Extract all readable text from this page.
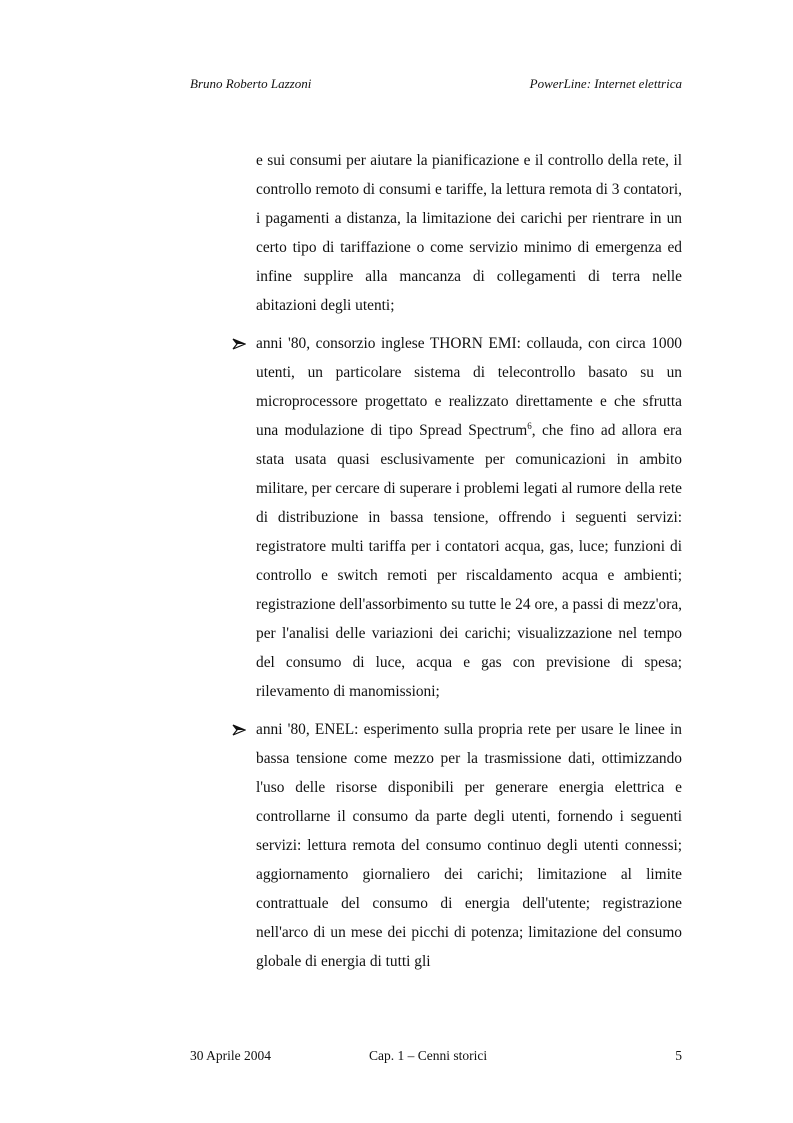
Bruno Roberto Lazzoni	PowerLine: Internet elettrica

e sui consumi per aiutare la pianificazione e il controllo della rete, il controllo remoto di consumi e tariffe, la lettura remota di 3 contatori, i pagamenti a distanza, la limitazione dei carichi per rientrare in un certo tipo di tariffazione o come servizio minimo di emergenza ed infine supplire alla mancanza di collegamenti di terra nelle abitazioni degli utenti;

anni '80, consorzio inglese THORN EMI: collauda, con circa 1000 utenti, un particolare sistema di telecontrollo basato su un microprocessore progettato e realizzato direttamente e che sfrutta una modulazione di tipo Spread Spectrum$^6$, che fino ad allora era stata usata quasi esclusivamente per comunicazioni in ambito militare, per cercare di superare i problemi legati al rumore della rete di distribuzione in bassa tensione, offrendo i seguenti servizi: registratore multi tariffa per i contatori acqua, gas, luce; funzioni di controllo e switch remoti per riscaldamento acqua e ambienti; registrazione dell'assorbimento su tutte le 24 ore, a passi di mezz'ora, per l'analisi delle variazioni dei carichi; visualizzazione nel tempo del consumo di luce, acqua e gas con previsione di spesa; rilevamento di manomissioni;

anni '80, ENEL: esperimento sulla propria rete per usare le linee in bassa tensione come mezzo per la trasmissione dati, ottimizzando l'uso delle risorse disponibili per generare energia elettrica e controllarne il consumo da parte degli utenti, fornendo i seguenti servizi: lettura remota del consumo continuo degli utenti connessi; aggiornamento giornaliero dei carichi; limitazione al limite contrattuale del consumo di energia dell'utente; registrazione nell'arco di un mese dei picchi di potenza; limitazione del consumo globale di energia di tutti gli

30 Aprile 2004	Cap. 1 – Cenni storici	5
